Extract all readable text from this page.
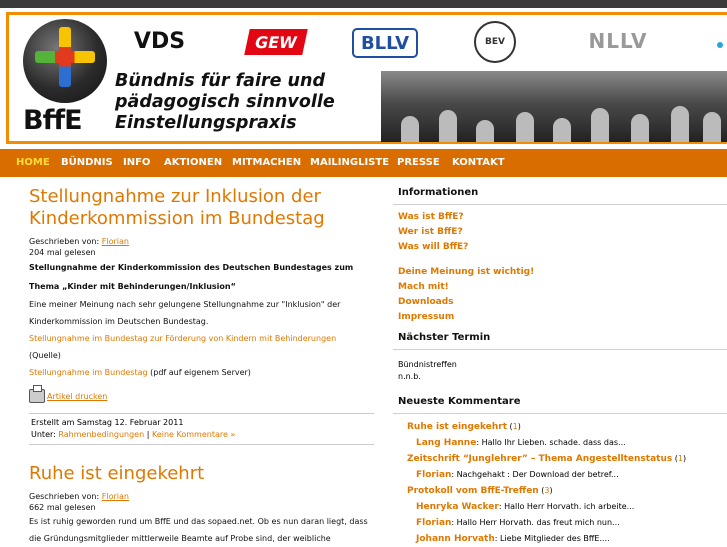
BffE
VDS	GEW	BLLV	BEV	NLLV
Bündnis für faire und
pädagogisch sinnvolle
Einstellungspraxis
HOME BÜNDNIS INFO AKTIONEN MITMACHEN MAILINGLISTE PRESSE KONTAKT
Stellungnahme zur Inklusion der Kinderkommission im Bundestag
Geschrieben von: Florian
204 mal gelesen

Stellungnahme der Kinderkommission des Deutschen Bundestages zum Thema „Kinder mit Behinderungen/Inklusion“

Eine meiner Meinung nach sehr gelungene Stellungnahme zur "Inklusion" der Kinderkommission im Deutschen Bundestag.

Stellungnahme im Bundestag zur Förderung von Kindern mit Behinderungen

(Quelle)

Stellungnahme im Bundestag (pdf auf eigenem Server)

Artikel drucken
Erstellt am Samstag 12. Februar 2011
Unter: Rahmenbedingungen | Keine Kommentare »
Ruhe ist eingekehrt
Geschrieben von: Florian
662 mal gelesen

Es ist ruhig geworden rund um BffE und das sopaed.net. Ob es nun daran liegt, dass die Gründungsmitglieder mittlerweile Beamte auf Probe sind, der weibliche

Informationen
Was ist BffE?
Wer ist BffE?
Was will BffE?
Deine Meinung ist wichtig!
Mach mit!
Downloads
Impressum
Nächster Termin
Bündnistreffen
n.n.b.
Neueste Kommentare
Ruhe ist eingekehrt (1)
Lang Hanne: Hallo Ihr Lieben. schade. dass das...
Zeitschrift “Junglehrer” – Thema Angestelltenstatus (1)
Florian: Nachgehakt : Der Download der betref...
Protokoll vom BffE-Treffen (3)
Henryka Wacker: Hallo Herr Horvath. ich arbeite...
Florian: Hallo Herr Horvath. das freut mich nun...
Johann Horvath: Liebe Mitglieder des BffE....
